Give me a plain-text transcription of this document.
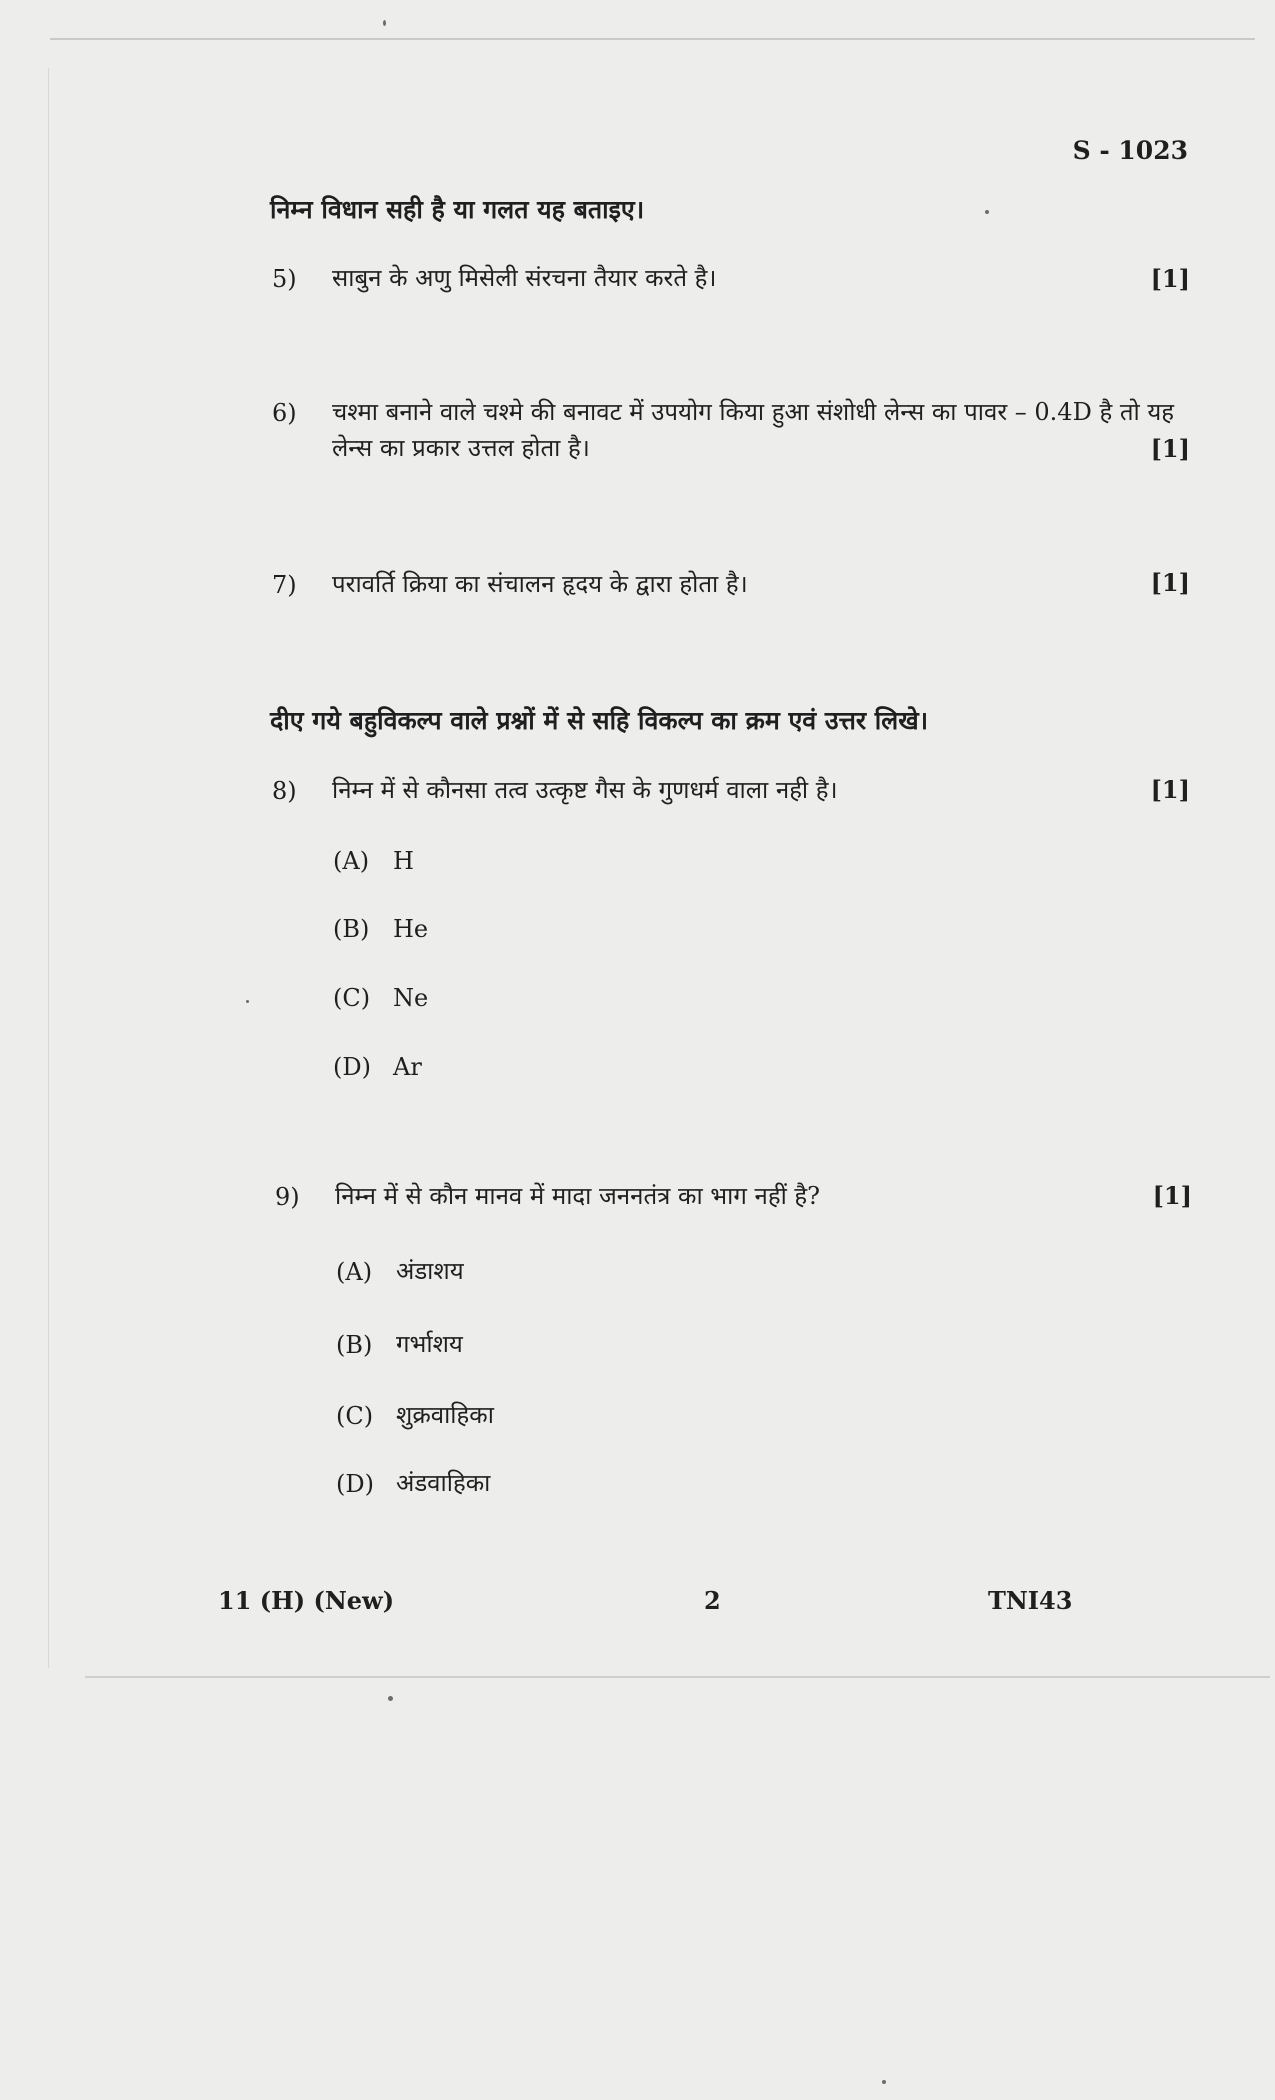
S - 1023
निम्न विधान सही है या गलत यह बताइए।
5) साबुन के अणु मिसेली संरचना तैयार करते है।	[1]
6) चश्मा बनाने वाले चश्मे की बनावट में उपयोग किया हुआ संशोधी लेन्स का पावर – 0.4D है तो यह
लेन्स का प्रकार उत्तल होता है।	[1]
7) परावर्ति क्रिया का संचालन हृदय के द्वारा होता है।	[1]
दीए गये बहुविकल्प वाले प्रश्नों में से सहि विकल्प का क्रम एवं उत्तर लिखे।
8) निम्न में से कौनसा तत्व उत्कृष्ट गैस के गुणधर्म वाला नही है।	[1]
(A) H
(B) He
(C) Ne
(D) Ar
9) निम्न में से कौन मानव में मादा जननतंत्र का भाग नहीं है?	[1]
(A) अंडाशय
(B) गर्भाशय
(C) शुक्रवाहिका
(D) अंडवाहिका
11 (H) (New)	2	TNI43
